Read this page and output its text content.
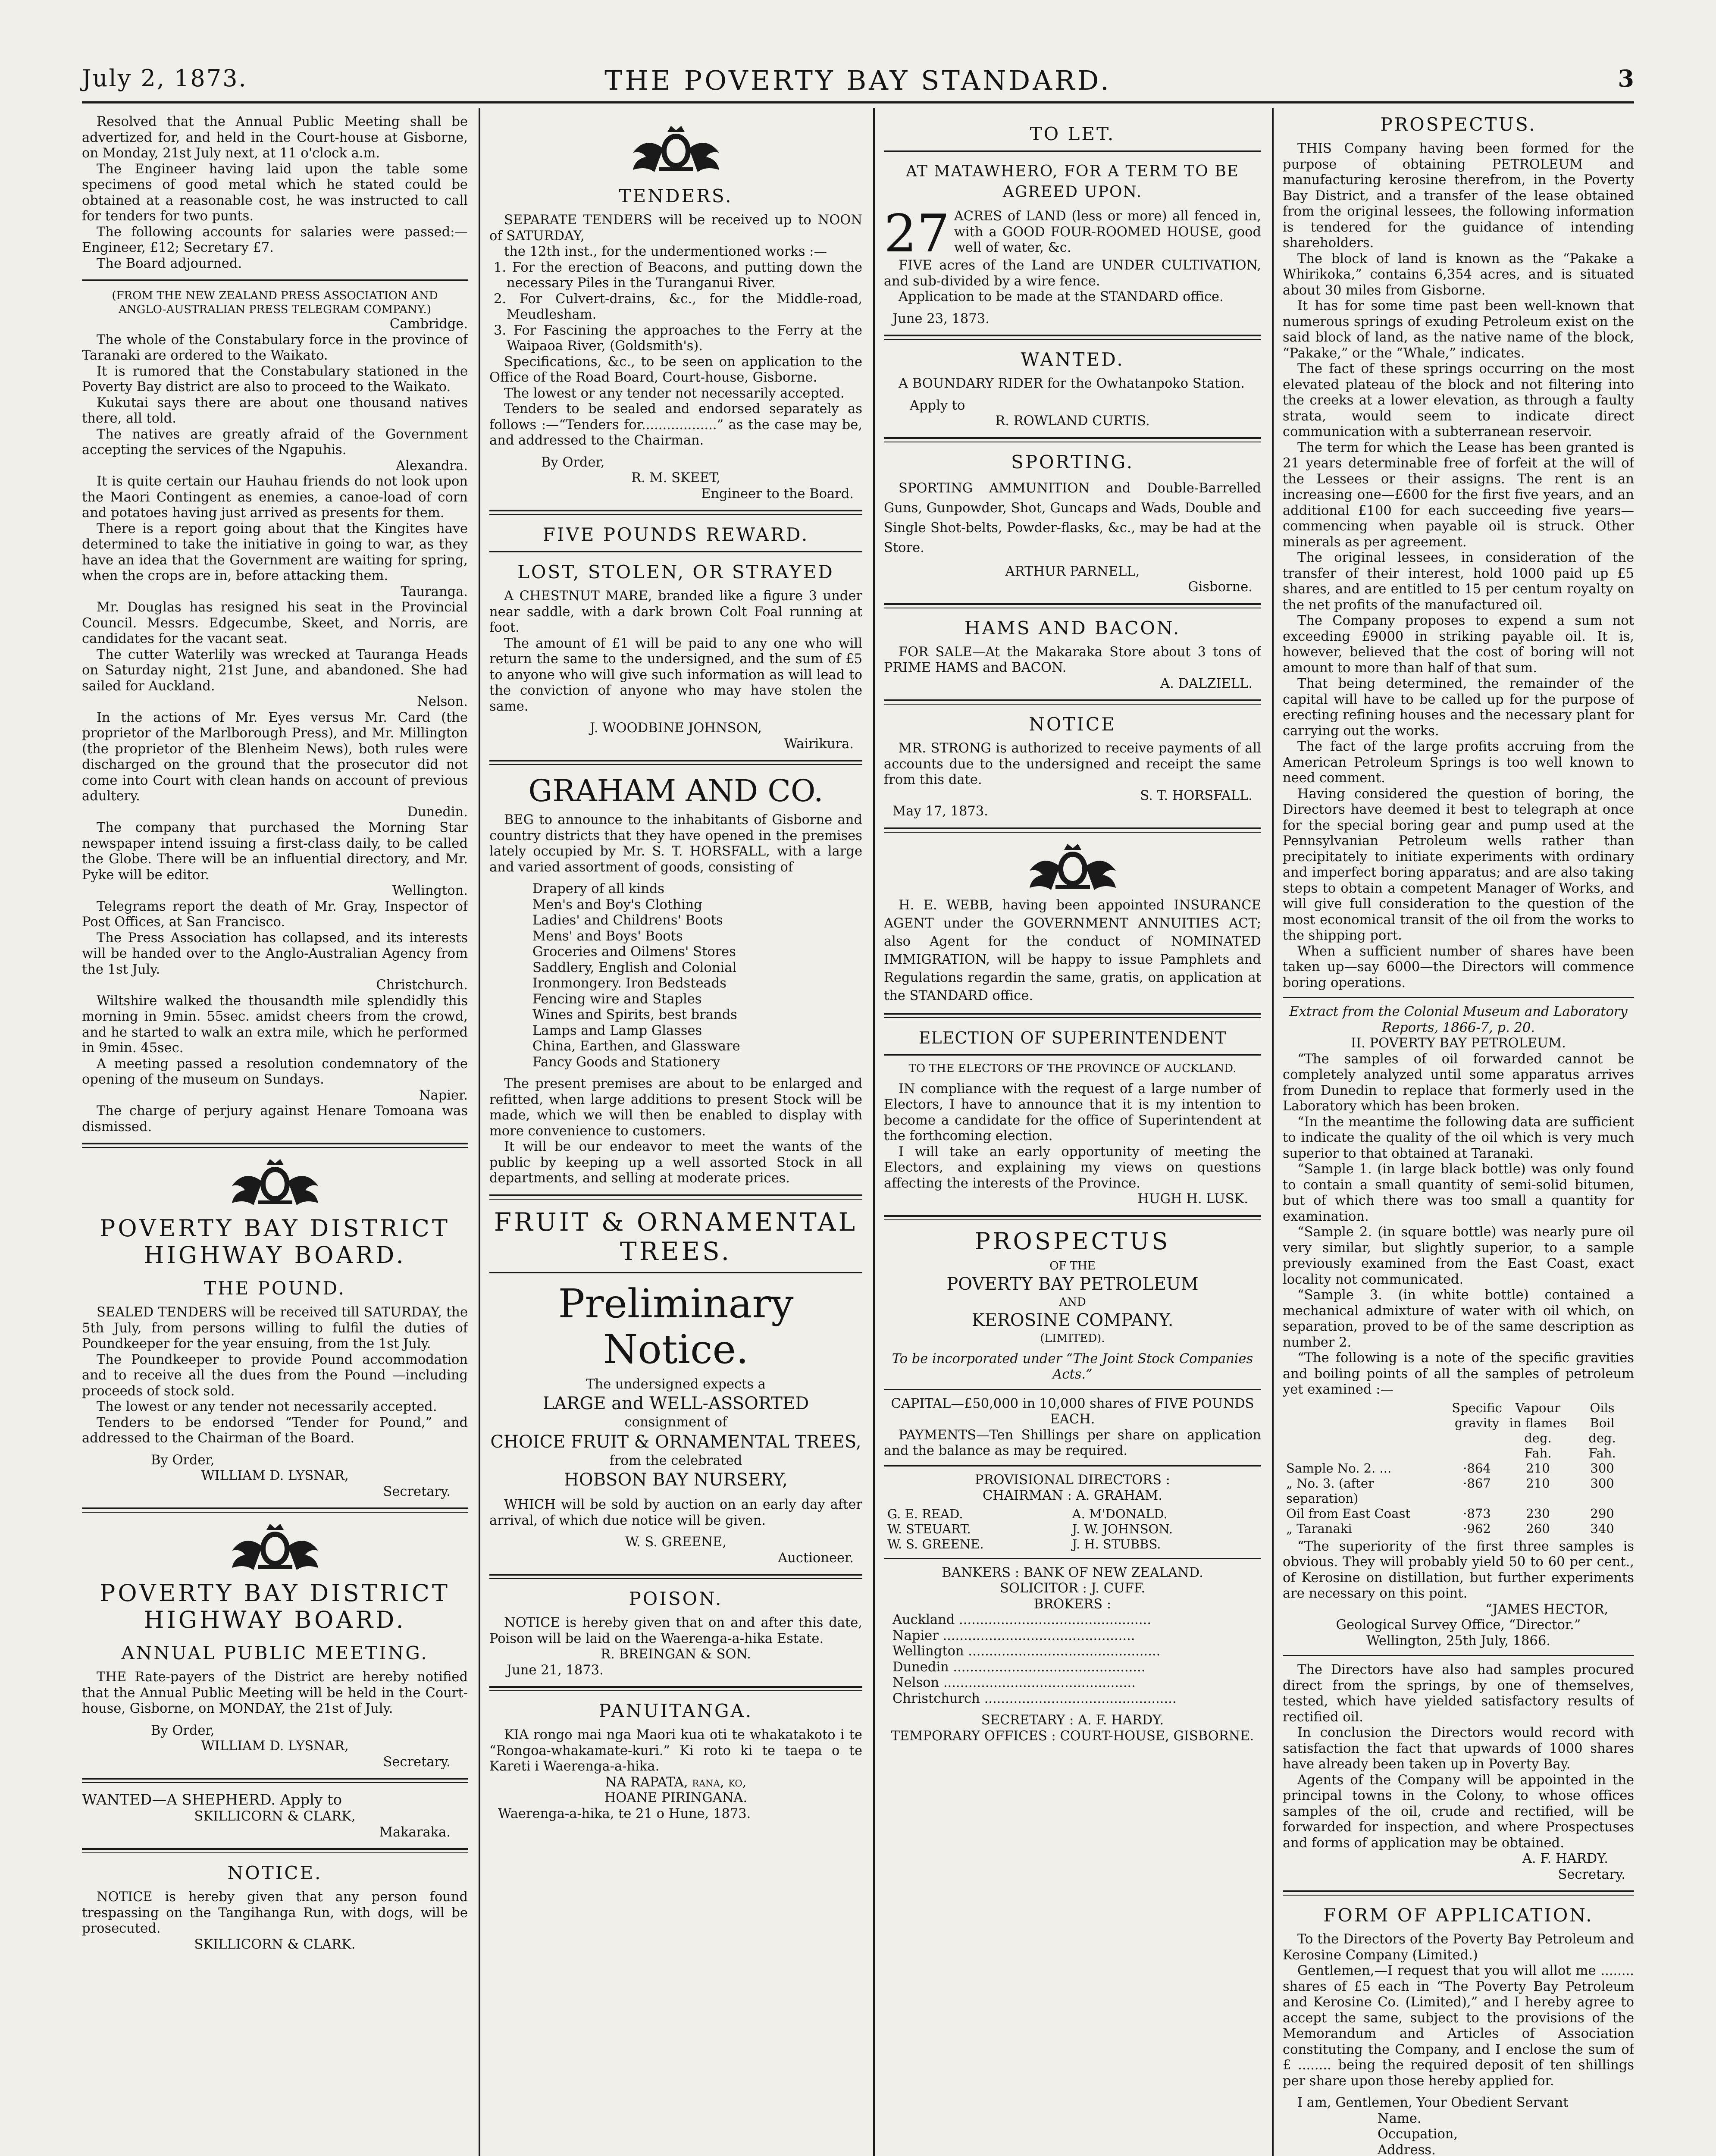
July 2, 1873.	THE POVERTY BAY STANDARD.	3

Resolved that the Annual Public Meeting shall be advertized for, and held in the Court-house at Gisborne, on Monday, 21st July next, at 11 o'clock a.m.

The Engineer having laid upon the table some specimens of good metal which he stated could be obtained at a reasonable cost, he was instructed to call for tenders for two punts.

The following accounts for salaries were passed:—Engineer, £12; Secretary £7.

The Board adjourned.

(FROM THE NEW ZEALAND PRESS ASSOCIATION AND ANGLO-AUSTRALIAN PRESS TELEGRAM COMPANY.)

Cambridge.

The whole of the Constabulary force in the province of Taranaki are ordered to the Waikato.

It is rumored that the Constabulary stationed in the Poverty Bay district are also to proceed to the Waikato.

Kukutai says there are about one thousand natives there, all told.

The natives are greatly afraid of the Government accepting the services of the Ngapuhis.

Alexandra.

It is quite certain our Hauhau friends do not look upon the Maori Contingent as enemies, a canoe-load of corn and potatoes having just arrived as presents for them.

There is a report going about that the Kingites have determined to take the initiative in going to war, as they have an idea that the Government are waiting for spring, when the crops are in, before attacking them.

Tauranga.

Mr. Douglas has resigned his seat in the Provincial Council. Messrs. Edgecumbe, Skeet, and Norris, are candidates for the vacant seat.

The cutter Waterlily was wrecked at Tauranga Heads on Saturday night, 21st June, and abandoned. She had sailed for Auckland.

Nelson.

In the actions of Mr. Eyes versus Mr. Card (the proprietor of the Marlborough Press), and Mr. Millington (the proprietor of the Blenheim News), both rules were discharged on the ground that the prosecutor did not come into Court with clean hands on account of previous adultery.

Dunedin.

The company that purchased the Morning Star newspaper intend issuing a first-class daily, to be called the Globe. There will be an influential directory, and Mr. Pyke will be editor.

Wellington.

Telegrams report the death of Mr. Gray, Inspector of Post Offices, at San Francisco.

The Press Association has collapsed, and its interests will be handed over to the Anglo-Australian Agency from the 1st July.

Christchurch.

Wiltshire walked the thousandth mile splendidly this morning in 9min. 55sec. amidst cheers from the crowd, and he started to walk an extra mile, which he performed in 9min. 45sec.

A meeting passed a resolution condemnatory of the opening of the museum on Sundays.

Napier.

The charge of perjury against Henare Tomoana was dismissed.

POVERTY BAY DISTRICT HIGHWAY BOARD.
THE POUND.

SEALED TENDERS will be received till SATURDAY, the 5th July, from persons willing to fulfil the duties of Poundkeeper for the year ensuing, from the 1st July.

The Poundkeeper to provide Pound accommodation and to receive all the dues from the Pound —including proceeds of stock sold.

The lowest or any tender not necessarily accepted.

Tenders to be endorsed “Tender for Pound,” and addressed to the Chairman of the Board.

By Order,

WILLIAM D. LYSNAR,

Secretary.

POVERTY BAY DISTRICT HIGHWAY BOARD.
ANNUAL PUBLIC MEETING.

THE Rate-payers of the District are hereby notified that the Annual Public Meeting will be held in the Court-house, Gisborne, on MONDAY, the 21st of July.

By Order,

WILLIAM D. LYSNAR,

Secretary.

WANTED—A SHEPHERD. Apply to

SKILLICORN & CLARK,

Makaraka.

NOTICE.

NOTICE is hereby given that any person found trespassing on the Tangihanga Run, with dogs, will be prosecuted.

SKILLICORN & CLARK.

TENDERS.

SEPARATE TENDERS will be received up to NOON of SATURDAY,

the 12th inst., for the undermentioned works :—

1. For the erection of Beacons, and putting down the necessary Piles in the Turanganui River.

2. For Culvert-drains, &c., for the Middle-road, Meudlesham.

3. For Fascining the approaches to the Ferry at the Waipaoa River, (Goldsmith's).

Specifications, &c., to be seen on application to the Office of the Road Board, Court-house, Gisborne.

The lowest or any tender not necessarily accepted.

Tenders to be sealed and endorsed separately as follows :—“Tenders for..................” as the case may be, and addressed to the Chairman.

By Order,

R. M. SKEET,

Engineer to the Board.

FIVE POUNDS REWARD.
LOST, STOLEN, OR STRAYED

A CHESTNUT MARE, branded like a figure 3 under near saddle, with a dark brown Colt Foal running at foot.

The amount of £1 will be paid to any one who will return the same to the undersigned, and the sum of £5 to anyone who will give such information as will lead to the conviction of anyone who may have stolen the same.

J. WOODBINE JOHNSON,

Wairikura.

GRAHAM AND CO.

BEG to announce to the inhabitants of Gisborne and country districts that they have opened in the premises lately occupied by Mr. S. T. HORSFALL, with a large and varied assortment of goods, consisting of

Drapery of all kinds

Men's and Boy's Clothing

Ladies' and Childrens' Boots

Mens' and Boys' Boots

Groceries and Oilmens' Stores

Saddlery, English and Colonial

Ironmongery. Iron Bedsteads

Fencing wire and Staples

Wines and Spirits, best brands

Lamps and Lamp Glasses

China, Earthen, and Glassware

Fancy Goods and Stationery

The present premises are about to be enlarged and refitted, when large additions to present Stock will be made, which we will then be enabled to display with more convenience to customers.

It will be our endeavor to meet the wants of the public by keeping up a well assorted Stock in all departments, and selling at moderate prices.

FRUIT & ORNAMENTAL TREES.
Preliminary Notice.

The undersigned expects a

LARGE and WELL-ASSORTED

consignment of

CHOICE FRUIT & ORNAMENTAL TREES,

from the celebrated

HOBSON BAY NURSERY,

WHICH will be sold by auction on an early day after arrival, of which due notice will be given.

W. S. GREENE,

Auctioneer.

POISON.

NOTICE is hereby given that on and after this date, Poison will be laid on the Waerenga-a-hika Estate.

R. BREINGAN & SON.

June 21, 1873.

PANUITANGA.

KIA rongo mai nga Maori kua oti te whakatakoto i te “Rongoa-whakamate-kuri.” Ki roto ki te taepa o te Kareti i Waerenga-a-hika.

NA RAPATA, rana, ko,

HOANE PIRINGANA.

Waerenga-a-hika, te 21 o Hune, 1873.

TO LET.
AT MATAWHERO, FOR A TERM TO BE AGREED UPON.

27 ACRES of LAND (less or more) all fenced in, with a GOOD FOUR-ROOMED HOUSE, good well of water, &c.

FIVE acres of the Land are UNDER CULTIVATION, and sub-divided by a wire fence.

Application to be made at the STANDARD office.

June 23, 1873.

WANTED.

A BOUNDARY RIDER for the Owhatanpoko Station.

Apply to

R. ROWLAND CURTIS.

SPORTING.

SPORTING AMMUNITION and Double-Barrelled Guns, Gunpowder, Shot, Guncaps and Wads, Double and Single Shot-belts, Powder-flasks, &c., may be had at the Store.

ARTHUR PARNELL,

Gisborne.

HAMS AND BACON.

FOR SALE—At the Makaraka Store about 3 tons of PRIME HAMS and BACON.

A. DALZIELL.

NOTICE

MR. STRONG is authorized to receive payments of all accounts due to the undersigned and receipt the same from this date.

S. T. HORSFALL.

May 17, 1873.

H. E. WEBB, having been appointed INSURANCE AGENT under the GOVERNMENT ANNUITIES ACT; also Agent for the conduct of NOMINATED IMMIGRATION, will be happy to issue Pamphlets and Regulations regardin the same, gratis, on application at the STANDARD office.

ELECTION OF SUPERINTENDENT

TO THE ELECTORS OF THE PROVINCE OF AUCKLAND.

IN compliance with the request of a large number of Electors, I have to announce that it is my intention to become a candidate for the office of Superintendent at the forthcoming election.

I will take an early opportunity of meeting the Electors, and explaining my views on questions affecting the interests of the Province.

HUGH H. LUSK.

PROSPECTUS

OF THE

POVERTY BAY PETROLEUM

AND

KEROSINE COMPANY.

(LIMITED).

To be incorporated under “The Joint Stock Companies Acts.”

CAPITAL—£50,000 in 10,000 shares of FIVE POUNDS EACH.

PAYMENTS—Ten Shillings per share on application and the balance as may be required.

PROVISIONAL DIRECTORS :

CHAIRMAN : A. GRAHAM.

G. E. READ.	A. M'DONALD.
W. STEUART.	J. W. JOHNSON.
W. S. GREENE.	J. H. STUBBS.

BANKERS : BANK OF NEW ZEALAND.

SOLICITOR : J. CUFF.

BROKERS :

Auckland ..............................................

Napier ..............................................

Wellington ..............................................

Dunedin ..............................................

Nelson ..............................................

Christchurch ..............................................

SECRETARY : A. F. HARDY.

TEMPORARY OFFICES : COURT-HOUSE, GISBORNE.

PROSPECTUS.

THIS Company having been formed for the purpose of obtaining PETROLEUM and manufacturing kerosine therefrom, in the Poverty Bay District, and a transfer of the lease obtained from the original lessees, the following information is tendered for the guidance of intending shareholders.

The block of land is known as the “Pakake a Whirikoka,” contains 6,354 acres, and is situated about 30 miles from Gisborne.

It has for some time past been well-known that numerous springs of exuding Petroleum exist on the said block of land, as the native name of the block, “Pakake,” or the “Whale,” indicates.

The fact of these springs occurring on the most elevated plateau of the block and not filtering into the creeks at a lower elevation, as through a faulty strata, would seem to indicate direct communication with a subterranean reservoir.

The term for which the Lease has been granted is 21 years determinable free of forfeit at the will of the Lessees or their assigns. The rent is an increasing one—£600 for the first five years, and an additional £100 for each succeeding five years—commencing when payable oil is struck. Other minerals as per agreement.

The original lessees, in consideration of the transfer of their interest, hold 1000 paid up £5 shares, and are entitled to 15 per centum royalty on the net profits of the manufactured oil.

The Company proposes to expend a sum not exceeding £9000 in striking payable oil. It is, however, believed that the cost of boring will not amount to more than half of that sum.

That being determined, the remainder of the capital will have to be called up for the purpose of erecting refining houses and the necessary plant for carrying out the works.

The fact of the large profits accruing from the American Petroleum Springs is too well known to need comment.

Having considered the question of boring, the Directors have deemed it best to telegraph at once for the special boring gear and pump used at the Pennsylvanian Petroleum wells rather than precipitately to initiate experiments with ordinary and imperfect boring apparatus; and are also taking steps to obtain a competent Manager of Works, and will give full consideration to the question of the most economical transit of the oil from the works to the shipping port.

When a sufficient number of shares have been taken up—say 6000—the Directors will commence boring operations.

Extract from the Colonial Museum and Laboratory Reports, 1866-7, p. 20.

II. POVERTY BAY PETROLEUM.

“The samples of oil forwarded cannot be completely analyzed until some apparatus arrives from Dunedin to replace that formerly used in the Laboratory which has been broken.

“In the meantime the following data are sufficient to indicate the quality of the oil which is very much superior to that obtained at Taranaki.

“Sample 1. (in large black bottle) was only found to contain a small quantity of semi-solid bitumen, but of which there was too small a quantity for examination.

“Sample 2. (in square bottle) was nearly pure oil very similar, but slightly superior, to a sample previously examined from the East Coast, exact locality not communicated.

“Sample 3. (in white bottle) contained a mechanical admixture of water with oil which, on separation, proved to be of the same description as number 2.

“The following is a note of the specific gravities and boiling points of all the samples of petroleum yet examined :—

	Specific	Vapour	Oils
	gravity	in flames	Boil
		deg. Fah.	deg. Fah.
Sample No. 2. ...	·864	210	300
„ No. 3. (after separation)	·867	210	300
Oil from East Coast	·873	230	290
„ Taranaki	·962	260	340

“The superiority of the first three samples is obvious. They will probably yield 50 to 60 per cent., of Kerosine on distillation, but further experiments are necessary on this point.

“JAMES HECTOR,

Geological Survey Office, “Director.”

Wellington, 25th July, 1866.

The Directors have also had samples procured direct from the springs, by one of themselves, tested, which have yielded satisfactory results of rectified oil.

In conclusion the Directors would record with satisfaction the fact that upwards of 1000 shares have already been taken up in Poverty Bay.

Agents of the Company will be appointed in the principal towns in the Colony, to whose offices samples of the oil, crude and rectified, will be forwarded for inspection, and where Prospectuses and forms of application may be obtained.

A. F. HARDY.

Secretary.

FORM OF APPLICATION.

To the Directors of the Poverty Bay Petroleum and Kerosine Company (Limited.)

Gentlemen,—I request that you will allot me ........ shares of £5 each in “The Poverty Bay Petroleum and Kerosine Co. (Limited),” and I hereby agree to accept the same, subject to the provisions of the Memorandum and Articles of Association constituting the Company, and I enclose the sum of £ ........ being the required deposit of ten shillings per share upon those hereby applied for.

I am, Gentlemen, Your Obedient Servant

Name.

Occupation,

Address.
